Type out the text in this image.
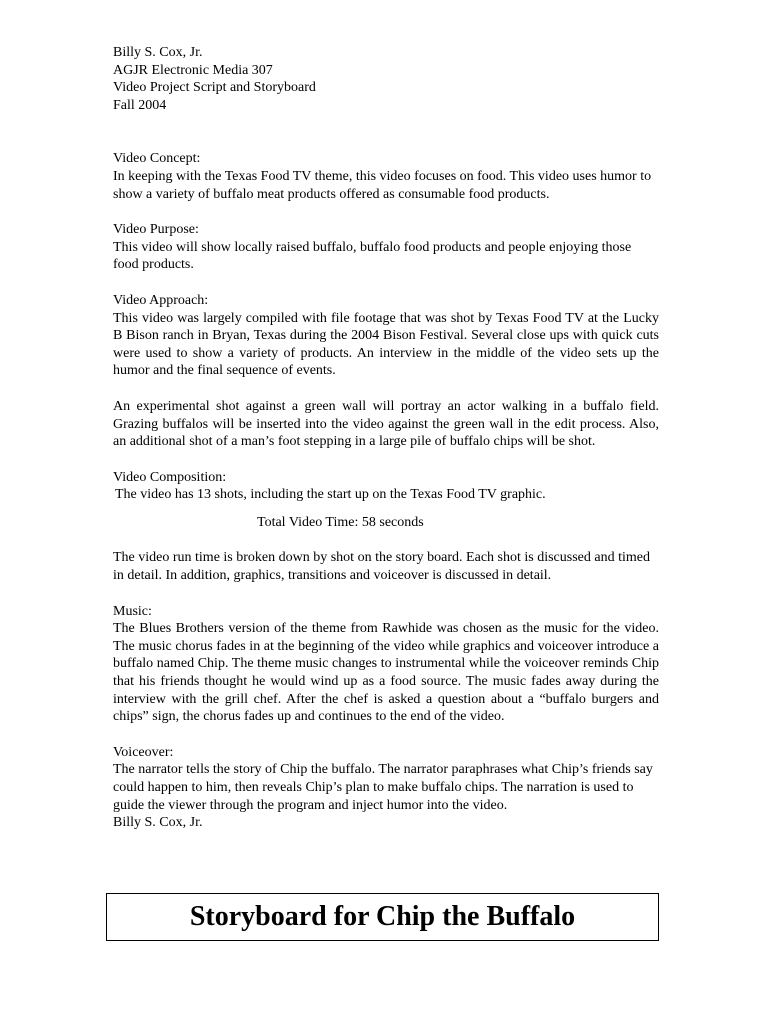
Billy S. Cox, Jr.
AGJR Electronic Media 307
Video Project Script and Storyboard
Fall 2004
Video Concept:
In keeping with the Texas Food TV theme, this video focuses on food. This video uses humor to show a variety of buffalo meat products offered as consumable food products.
Video Purpose:
This video will show locally raised buffalo, buffalo food products and people enjoying those food products.
Video Approach:
This video was largely compiled with file footage that was shot by Texas Food TV at the Lucky B Bison ranch in Bryan, Texas during the 2004 Bison Festival. Several close ups with quick cuts were used to show a variety of products. An interview in the middle of the video sets up the humor and the final sequence of events.
An experimental shot against a green wall will portray an actor walking in a buffalo field. Grazing buffalos will be inserted into the video against the green wall in the edit process. Also, an additional shot of a man’s foot stepping in a large pile of buffalo chips will be shot.
Video Composition:
The video has 13 shots, including the start up on the Texas Food TV graphic.
Total Video Time: 58 seconds
The video run time is broken down by shot on the story board. Each shot is discussed and timed in detail. In addition, graphics, transitions and voiceover is discussed in detail.
Music:
The Blues Brothers version of the theme from Rawhide was chosen as the music for the video. The music chorus fades in at the beginning of the video while graphics and voiceover introduce a buffalo named Chip. The theme music changes to instrumental while the voiceover reminds Chip that his friends thought he would wind up as a food source. The music fades away during the interview with the grill chef. After the chef is asked a question about a “buffalo burgers and chips” sign, the chorus fades up and continues to the end of the video.
Voiceover:
The narrator tells the story of Chip the buffalo. The narrator paraphrases what Chip’s friends say could happen to him, then reveals Chip’s plan to make buffalo chips. The narration is used to guide the viewer through the program and inject humor into the video.
Billy S. Cox, Jr.
Storyboard for Chip the Buffalo
